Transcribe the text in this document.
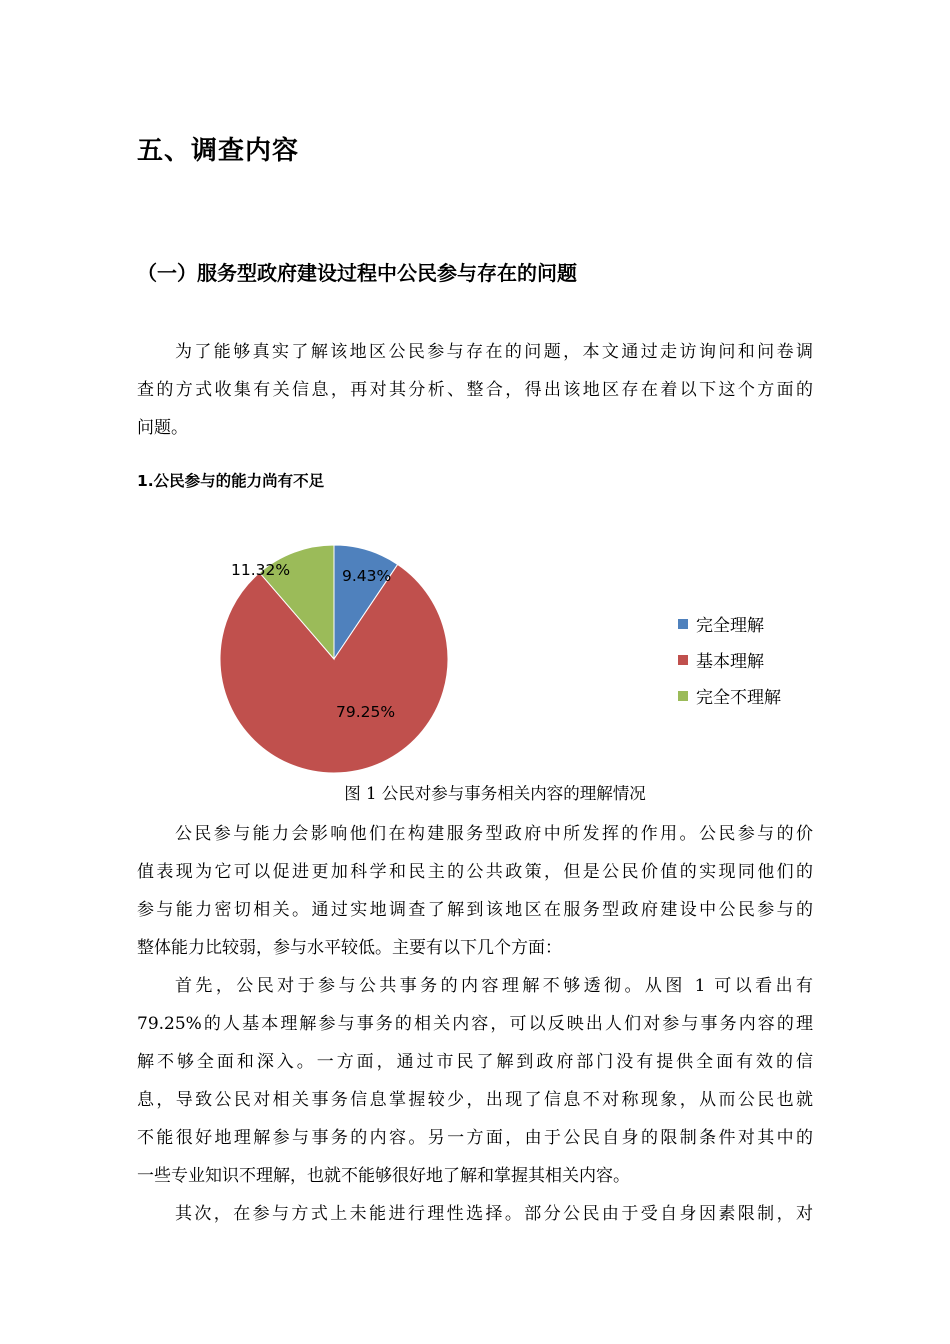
五、调查内容
（一）服务型政府建设过程中公民参与存在的问题
为了能够真实了解该地区公民参与存在的问题，本文通过走访询问和问卷调
查的方式收集有关信息，再对其分析、整合，得出该地区存在着以下这个方面的
问题。
1.公民参与的能力尚有不足
9.43%
79.25%
11.32%
完全理解
基本理解
完全不理解
图 1 公民对参与事务相关内容的理解情况
公民参与能力会影响他们在构建服务型政府中所发挥的作用。公民参与的价
值表现为它可以促进更加科学和民主的公共政策，但是公民价值的实现同他们的
参与能力密切相关。通过实地调查了解到该地区在服务型政府建设中公民参与的
整体能力比较弱，参与水平较低。主要有以下几个方面：
首先，公民对于参与公共事务的内容理解不够透彻。从图 1 可以看出有
79.25%的人基本理解参与事务的相关内容，可以反映出人们对参与事务内容的理
解不够全面和深入。一方面，通过市民了解到政府部门没有提供全面有效的信
息，导致公民对相关事务信息掌握较少，出现了信息不对称现象，从而公民也就
不能很好地理解参与事务的内容。另一方面，由于公民自身的限制条件对其中的
一些专业知识不理解，也就不能够很好地了解和掌握其相关内容。
其次，在参与方式上未能进行理性选择。部分公民由于受自身因素限制，对
